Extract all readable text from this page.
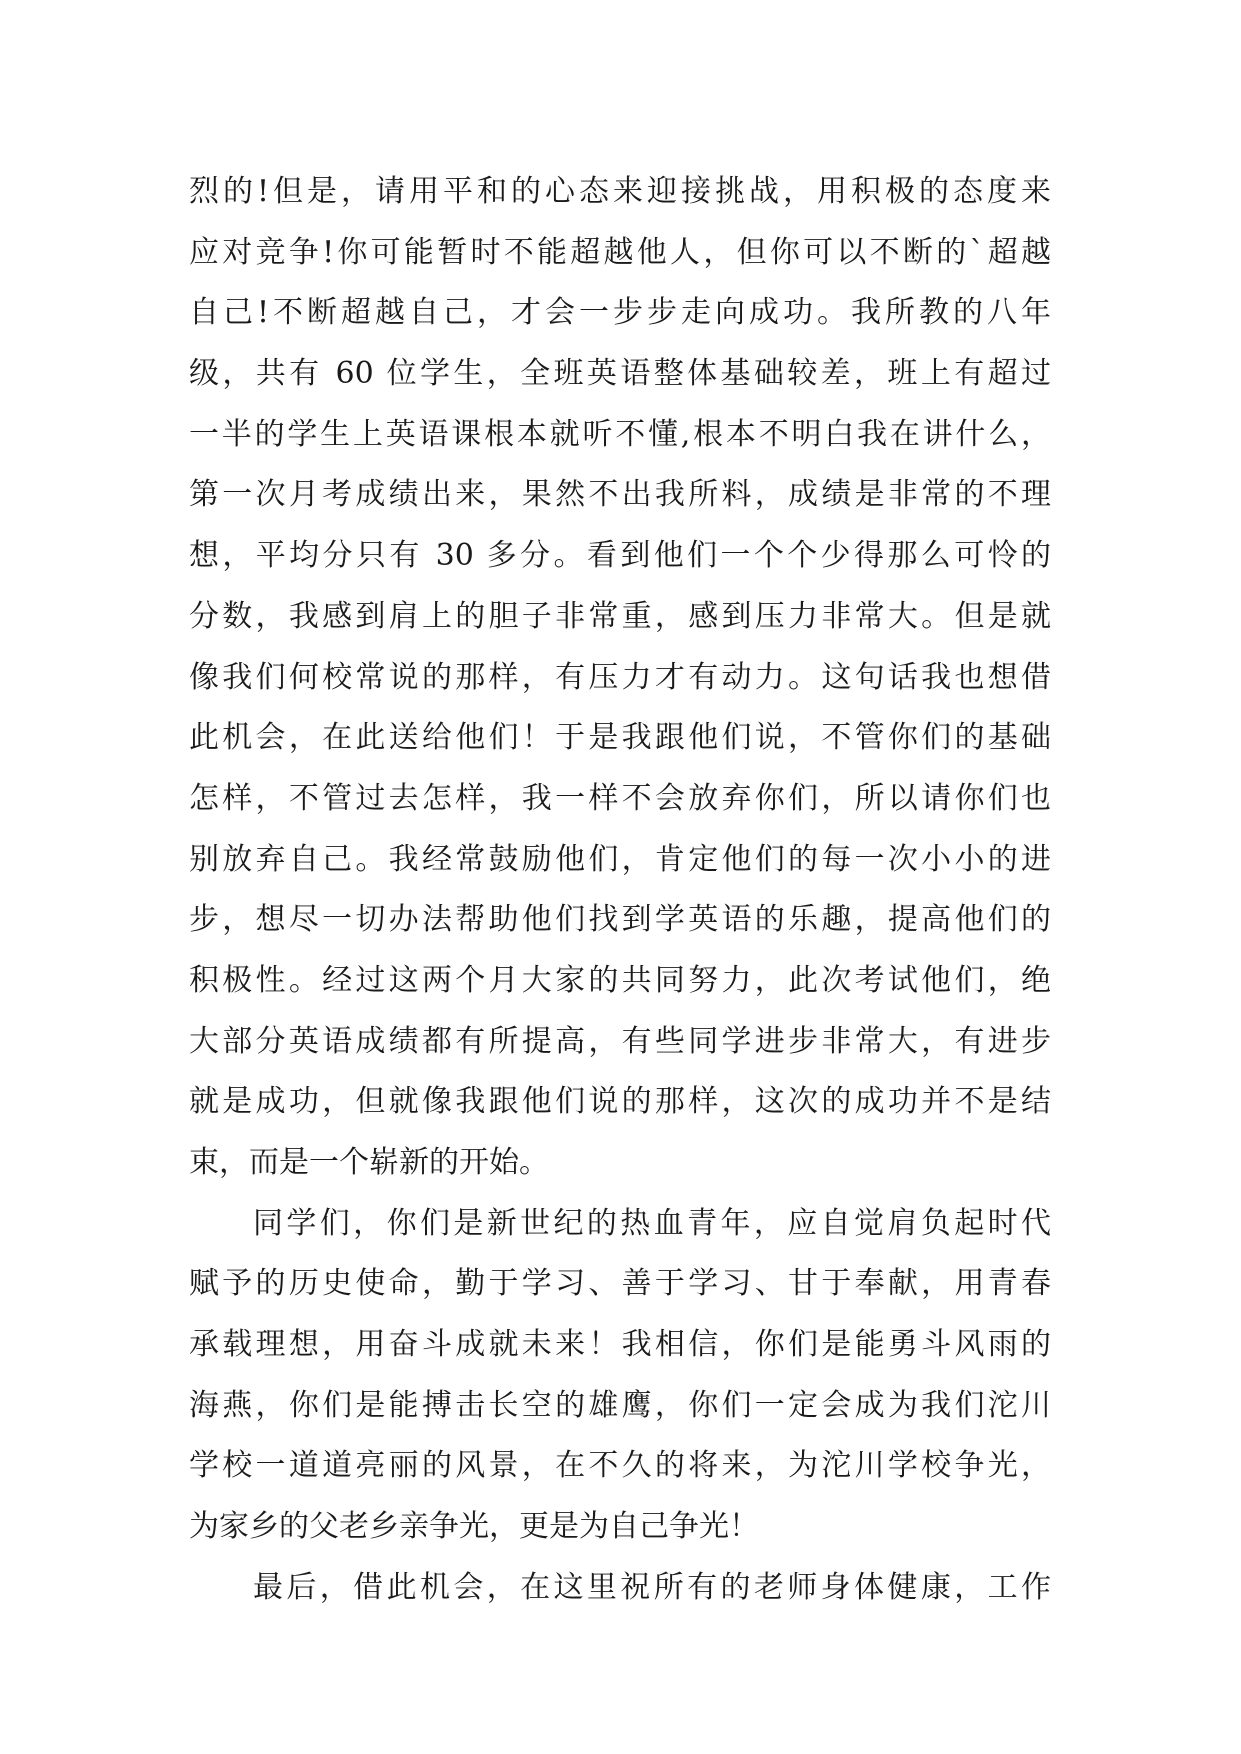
烈的!但是，请用平和的心态来迎接挑战，用积极的态度来
应对竞争!你可能暂时不能超越他人，但你可以不断的`超越
自己!不断超越自己，才会一步步走向成功。我所教的八年
级，共有 60 位学生，全班英语整体基础较差，班上有超过
一半的学生上英语课根本就听不懂,根本不明白我在讲什么，
第一次月考成绩出来，果然不出我所料，成绩是非常的不理
想，平均分只有 30 多分。看到他们一个个少得那么可怜的
分数，我感到肩上的胆子非常重，感到压力非常大。但是就
像我们何校常说的那样，有压力才有动力。这句话我也想借
此机会，在此送给他们！于是我跟他们说，不管你们的基础
怎样，不管过去怎样，我一样不会放弃你们，所以请你们也
别放弃自己。我经常鼓励他们，肯定他们的每一次小小的进
步，想尽一切办法帮助他们找到学英语的乐趣，提高他们的
积极性。经过这两个月大家的共同努力，此次考试他们，绝
大部分英语成绩都有所提高，有些同学进步非常大，有进步
就是成功，但就像我跟他们说的那样，这次的成功并不是结
束，而是一个崭新的开始。
同学们，你们是新世纪的热血青年，应自觉肩负起时代
赋予的历史使命，勤于学习、善于学习、甘于奉献，用青春
承载理想，用奋斗成就未来！我相信，你们是能勇斗风雨的
海燕，你们是能搏击长空的雄鹰，你们一定会成为我们沱川
学校一道道亮丽的风景，在不久的将来，为沱川学校争光，
为家乡的父老乡亲争光，更是为自己争光！
最后，借此机会，在这里祝所有的老师身体健康，工作
